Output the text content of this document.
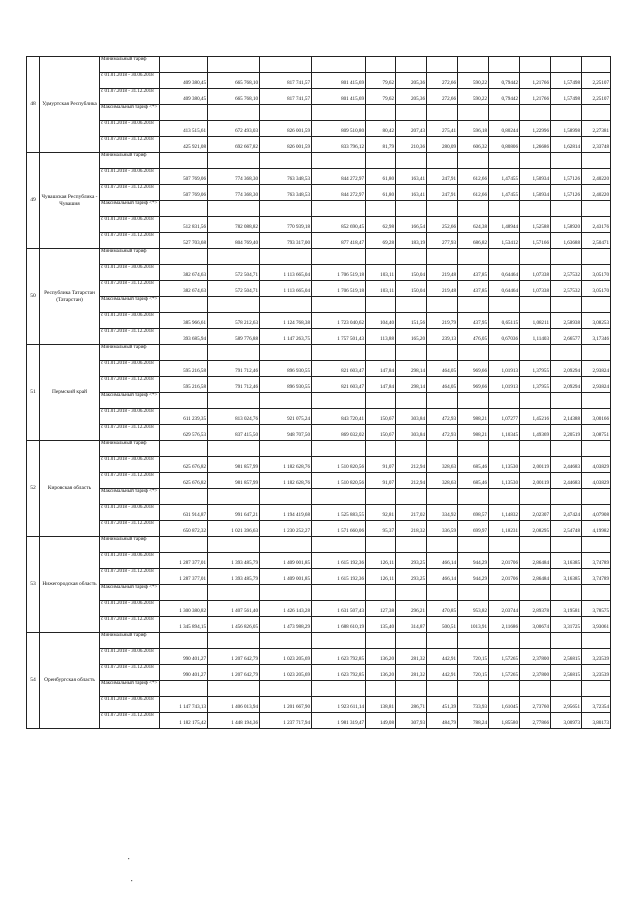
48	Удмуртская Республика	Минимальный тариф												
		с 01.01.2018 - 30.06.2018	409 380,45	665 768,10	817 741,57	801 415,69	79,62	205,36	272,66	590,22	0,79442	1,21766	1,57498	2,25107
		с 01.07.2018 - 31.12.2018	409 380,45	665 768,10	817 741,57	801 415,69	79,62	205,36	272,66	590,22	0,79442	1,21766	1,57498	2,25107
		Максимальный тариф <*>												
		с 01.01.2018 - 30.06.2018	413 515,61	672 493,03	826 001,59	809 510,80	80,42	207,43	275,41	596,18	0,80244	1,22996	1,58998	2,27381
		с 01.07.2018 - 31.12.2018	425 921,08	692 667,82	826 001,59	833 796,12	81,79	210,36	280,09	606,32	0,80806	1,26686	1,62814	2,33748
49	Чувашская Республика - Чувашия	Минимальный тариф												
		с 01.01.2018 - 30.06.2018	507 769,06	774 368,30	763 348,53	844 272,97	61,80	163,41	247,91	612,66	1,47455	1,50934	1,57126	2,40220
		с 01.07.2018 - 31.12.2018	507 769,06	774 368,30	763 348,53	844 272,97	61,80	163,41	247,91	612,66	1,47455	1,50934	1,57126	2,40220
		Максимальный тариф <*>												
		с 01.01.2018 - 30.06.2018	512 831,56	782 088,82	770 939,18	852 690,45	62,98	166,54	252,66	624,38	1,48944	1,52588	1,58920	2,43176
		с 01.07.2018 - 31.12.2018	527 703,68	804 769,40	793 317,00	877 418,47	69,28	183,19	277,93	686,82	1,53412	1,57166	1,63688	2,50471
50	Республика Татарстан (Татарстан)	Минимальный тариф												
		с 01.01.2018 - 30.06.2018	382 674,63	572 504,71	1 113 665,04	1 706 519,18	103,11	150,04	219,48	437,85	0,64464	1,07338	2,57532	3,05170
		с 01.07.2018 - 31.12.2018	382 674,63	572 504,71	1 113 665,04	1 706 519,18	103,11	150,04	219,48	437,85	0,64464	1,07338	2,57532	3,05170
		Максимальный тариф <*>												
		с 01.01.2018 - 30.06.2018	385 966,61	578 212,63	1 124 768,38	1 723 040,62	104,40	151,56	219,79	437,95	0,65115	1,08211	2,58938	3,08253
		с 01.07.2018 - 31.12.2018	393 685,94	589 776,88	1 147 263,75	1 757 501,43	113,88	165,20	239,13	476,05	0,67036	1,11403	2,66577	3,17346
51	Пермский край	Минимальный тариф												
		с 01.01.2018 - 30.06.2018	595 216,58	791 712,46	896 930,55	821 603,47	147,84	298,14	464,05	969,66	1,01913	1,37955	2,09294	2,93824
		с 01.07.2018 - 31.12.2018	595 216,58	791 712,46	896 930,55	821 603,47	147,84	298,14	464,05	969,66	1,01913	1,37955	2,09294	2,93824
		Максимальный тариф <*>												
		с 01.01.2018 - 30.06.2018	611 239,35	813 024,76	921 075,24	843 720,41	150,67	303,84	472,93	988,21	1,07277	1,45216	2,14388	3,00166
		с 01.07.2018 - 31.12.2018	629 576,53	837 415,50	948 707,50	869 032,02	150,67	303,84	472,93	988,21	1,10345	1,49369	2,20519	3,08751
52	Кировская область	Минимальный тариф												
		с 01.01.2018 - 30.06.2018	625 676,82	981 857,99	1 182 628,76	1 510 820,56	91,07	212,94	328,63	685,46	1,13530	2,00119	2,44683	4,03829
		с 01.07.2018 - 31.12.2018	625 676,82	981 857,99	1 182 628,76	1 510 820,56	91,07	212,94	328,63	685,46	1,13530	2,00119	2,44683	4,03829
		Максимальный тариф <*>												
		с 01.01.2018 - 30.06.2018	631 914,87	991 647,21	1 194 419,68	1 525 883,55	92,81	217,02	334,92	698,57	1,14832	2,02307	2,47424	4,07908
		с 01.07.2018 - 31.12.2018	650 872,32	1 021 396,63	1 230 252,27	1 571 660,06	95,37	218,32	336,59	699,97	1,18231	2,08295	2,54748	4,19982
53	Нижегородская область	Минимальный тариф												
		с 01.01.2018 - 30.06.2018	1 287 377,01	1 393 485,79	1 409 001,85	1 615 192,36	126,11	293,25	466,14	944,29	2,01706	2,86484	3,16385	3,74789
		с 01.07.2018 - 31.12.2018	1 287 377,01	1 393 485,79	1 409 001,85	1 615 192,36	126,11	293,25	466,14	944,29	2,01706	2,86484	3,16385	3,74789
		Максимальный тариф <*>												
		с 01.01.2018 - 30.06.2018	1 300 380,82	1 407 561,40	1 426 143,28	1 631 507,43	127,38	296,21	470,85	953,82	2,03744	2,89378	3,19581	3,78575
		с 01.07.2018 - 31.12.2018	1 345 894,15	1 456 826,05	1 473 988,29	1 688 610,19	135,40	314,87	500,51	1013,91	2,11686	3,00674	3,31725	3,93061
54	Оренбургская область	Минимальный тариф												
		с 01.01.2018 - 30.06.2018	990 401,27	1 207 642,79	1 023 205,69	1 623 792,85	136,20	281,32	442,91	720,15	1,57265	2,37800	2,56815	3,23539
		с 01.07.2018 - 31.12.2018	990 401,27	1 207 642,79	1 023 205,69	1 623 792,85	136,20	281,32	442,91	720,15	1,57265	2,37800	2,56815	3,23539
		Максимальный тариф <*>												
		с 01.01.2018 - 30.06.2018	1 147 743,13	1 406 013,94	1 201 667,90	1 923 611,14	138,81	286,71	451,39	733,93	1,61045	2,73760	2,95651	3,72354
		с 01.07.2018 - 31.12.2018	1 182 175,42	1 448 194,36	1 237 717,94	1 981 319,47	149,08	307,93	484,79	788,24	1,85580	2,77866	3,00973	3,80173
